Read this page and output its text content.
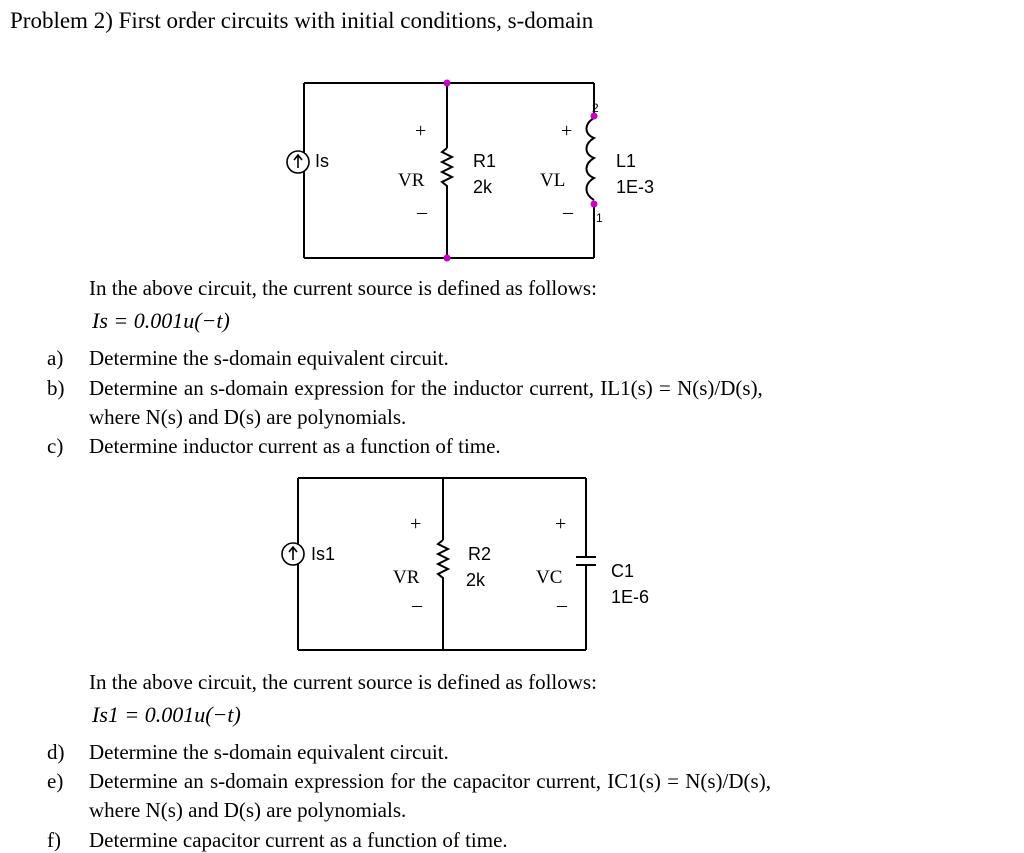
Problem 2) First order circuits with initial conditions, s-domain
Is
VR
+
–
R1
2k	VL
+
–
L1
1E-3
2
1
In the above circuit, the current source is defined as follows:
Is = 0.001u(−t)
a) Determine the s-domain equivalent circuit.
b) Determine an s-domain expression for the inductor current, IL1(s) = N(s)/D(s),
where N(s) and D(s) are polynomials.
c) Determine inductor current as a function of time.
Is1
VR
+
–
R2
2k	VC
+
–
C1
1E-6
In the above circuit, the current source is defined as follows:
Is1 = 0.001u(−t)
d) Determine the s-domain equivalent circuit.
e) Determine an s-domain expression for the capacitor current, IC1(s) = N(s)/D(s),
where N(s) and D(s) are polynomials.
f) Determine capacitor current as a function of time.
